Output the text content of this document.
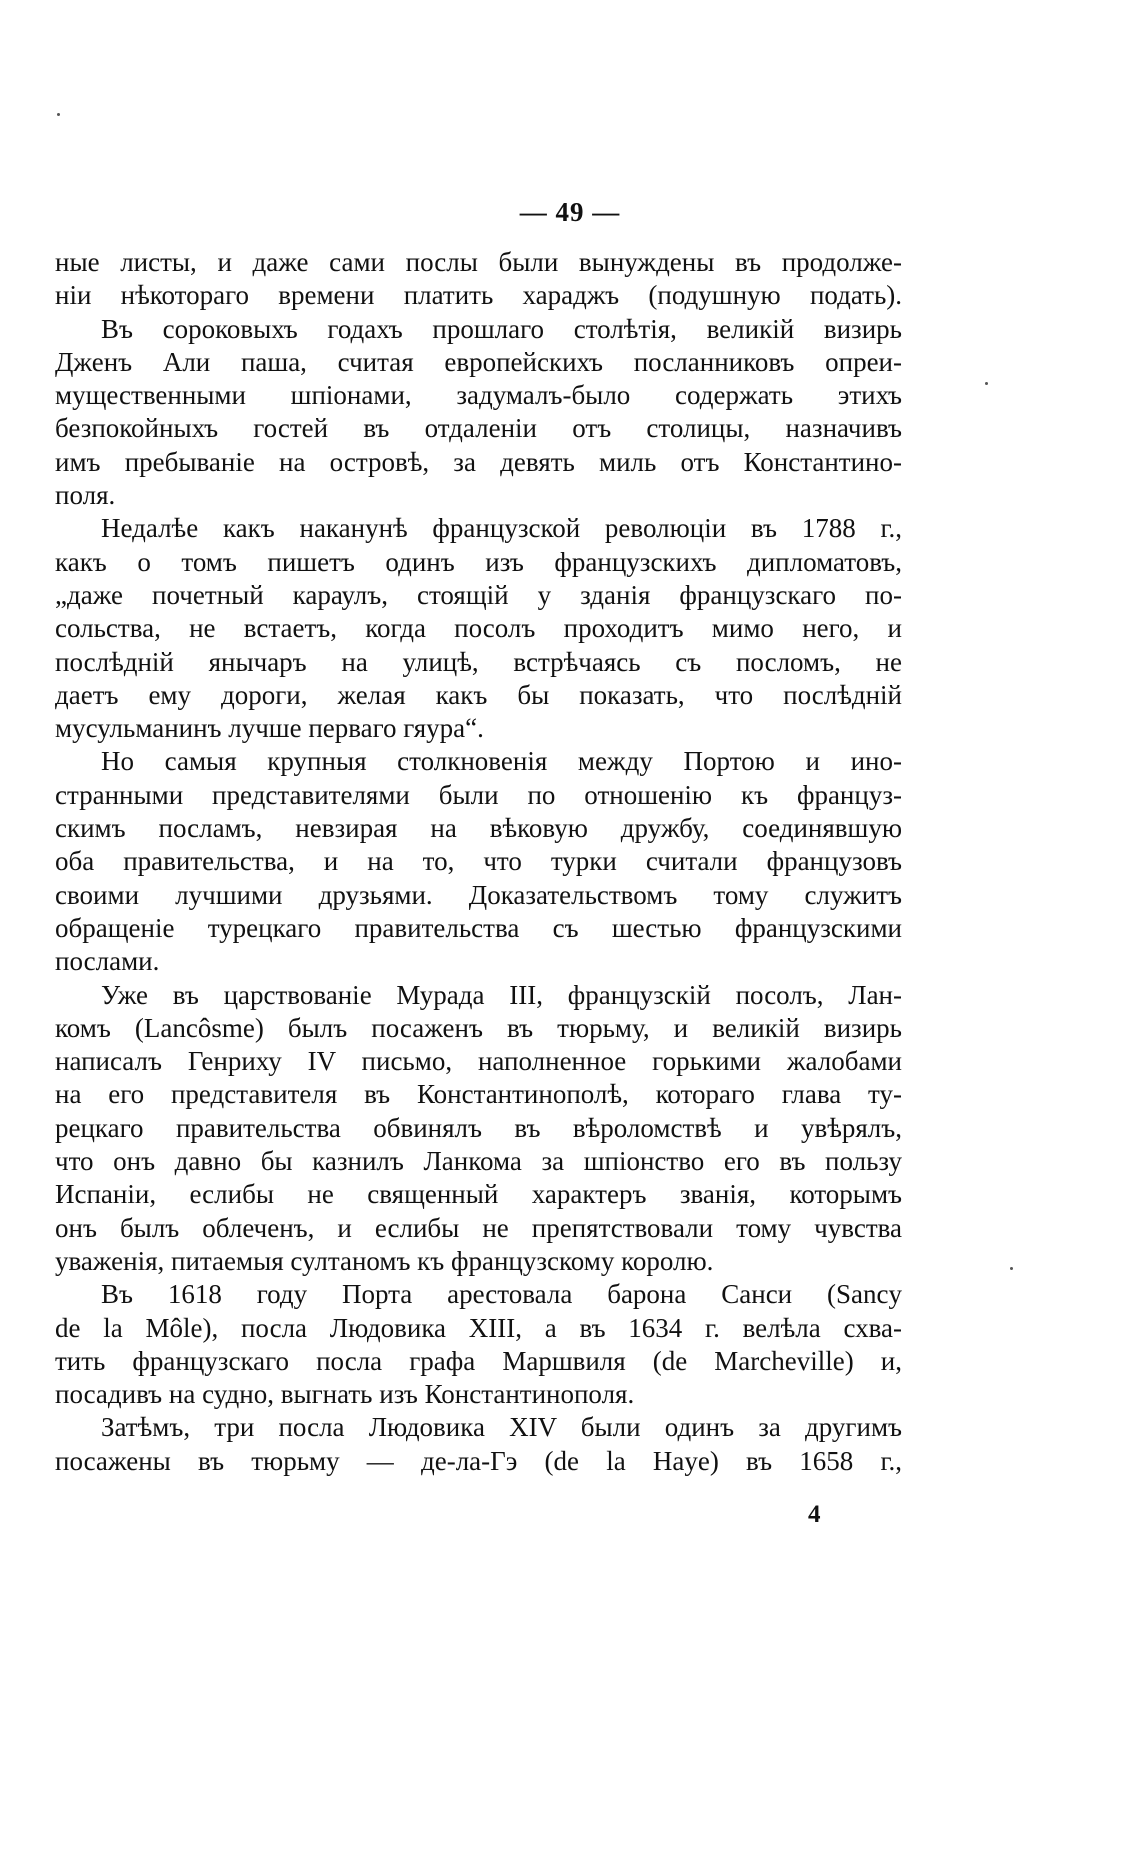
— 49 —
ные листы, и даже сами послы были вынуждены въ продолже-
нiи нѣкотораго времени платить хараджъ (подушную подать).
Въ сороковыхъ годахъ прошлаго столѣтiя, великiй визирь
Дженъ Али паша, считая европейскихъ посланниковъ опреи-
мущественными шпiонами, задумалъ-было содержать этихъ
безпокойныхъ гостей въ отдаленiи отъ столицы, назначивъ
имъ пребыванiе на островѣ, за девять миль отъ Константино-
поля.
Недалѣе какъ наканунѣ французской революцiи въ 1788 г.,
какъ о томъ пишетъ одинъ изъ французскихъ дипломатовъ,
„даже почетный караулъ, стоящiй у зданiя французскаго по-
сольства, не встаетъ, когда посолъ проходитъ мимо него, и
послѣднiй янычаръ на улицѣ, встрѣчаясь съ посломъ, не
даетъ ему дороги, желая какъ бы показать, что послѣднiй
мусульманинъ лучше перваго гяура“.
Но самыя крупныя столкновенiя между Портою и ино-
странными представителями были по отношенiю къ француз-
скимъ посламъ, невзирая на вѣковую дружбу, соединявшую
оба правительства, и на то, что турки считали французовъ
своими лучшими друзьями. Доказательствомъ тому служитъ
обращенiе турецкаго правительства съ шестью французскими
послами.
Уже въ царствованiе Мурада III, французскiй посолъ, Лан-
комъ (Lancôsme) былъ посаженъ въ тюрьму, и великiй визирь
написалъ Генриху IV письмо, наполненное горькими жалобами
на его представителя въ Константинополѣ, котораго глава ту-
рецкаго правительства обвинялъ въ вѣроломствѣ и увѣрялъ,
что онъ давно бы казнилъ Ланкома за шпiонство его въ пользу
Испанiи, еслибы не священный характеръ званiя, которымъ
онъ былъ облеченъ, и еслибы не препятствовали тому чувства
уваженiя, питаемыя султаномъ къ французскому королю.
Въ 1618 году Порта арестовала барона Санси (Sancy
de la Môle), посла Людовика XIII, а въ 1634 г. велѣла схва-
тить французскаго посла графа Маршвиля (de Marcheville) и,
посадивъ на судно, выгнать изъ Константинополя.
Затѣмъ, три посла Людовика XIV были одинъ за другимъ
посажены въ тюрьму — де-ла-Гэ (de la Haye) въ 1658 г.,
4
